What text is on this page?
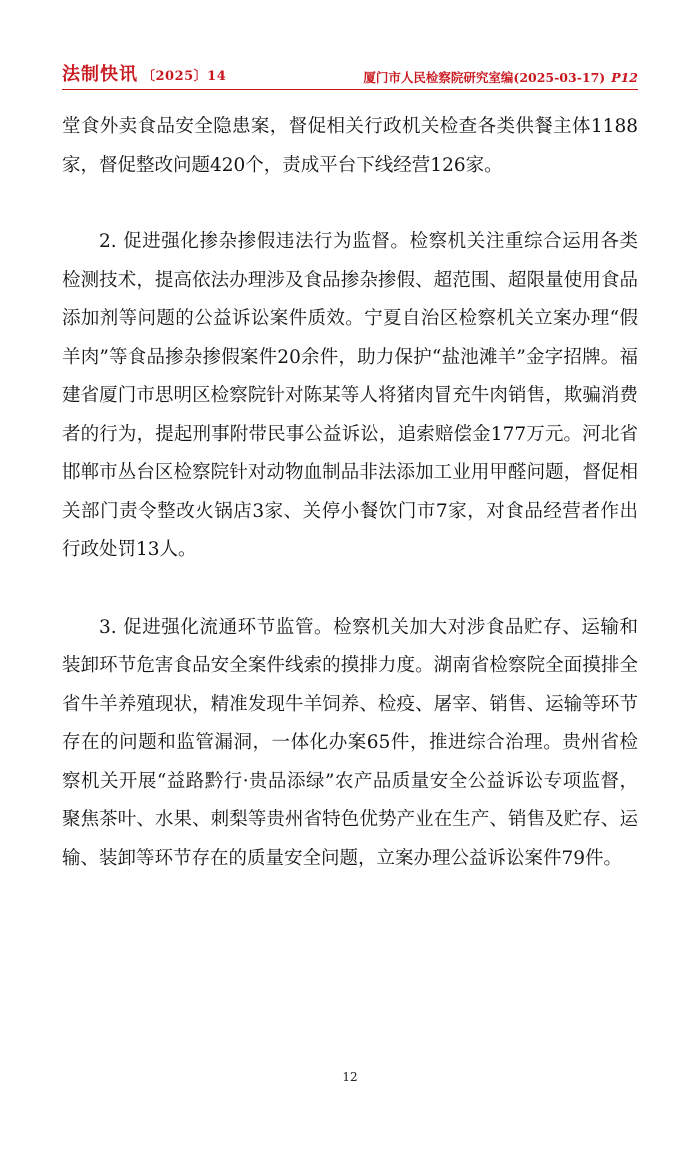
法制快讯 〔2025〕14	厦门市人民检察院研究室编(2025-03-17) P12

堂食外卖食品安全隐患案，督促相关行政机关检查各类供餐主体1188家，督促整改问题420个，责成平台下线经营126家。

2. 促进强化掺杂掺假违法行为监督。检察机关注重综合运用各类检测技术，提高依法办理涉及食品掺杂掺假、超范围、超限量使用食品添加剂等问题的公益诉讼案件质效。宁夏自治区检察机关立案办理“假羊肉”等食品掺杂掺假案件20余件，助力保护“盐池滩羊”金字招牌。福建省厦门市思明区检察院针对陈某等人将猪肉冒充牛肉销售，欺骗消费者的行为，提起刑事附带民事公益诉讼，追索赔偿金177万元。河北省邯郸市丛台区检察院针对动物血制品非法添加工业用甲醛问题，督促相关部门责令整改火锅店3家、关停小餐饮门市7家，对食品经营者作出行政处罚13人。

3. 促进强化流通环节监管。检察机关加大对涉食品贮存、运输和装卸环节危害食品安全案件线索的摸排力度。湖南省检察院全面摸排全省牛羊养殖现状，精准发现牛羊饲养、检疫、屠宰、销售、运输等环节存在的问题和监管漏洞，一体化办案65件，推进综合治理。贵州省检察机关开展“益路黔行·贵品添绿”农产品质量安全公益诉讼专项监督，聚焦茶叶、水果、刺梨等贵州省特色优势产业在生产、销售及贮存、运输、装卸等环节存在的质量安全问题，立案办理公益诉讼案件79件。

12
